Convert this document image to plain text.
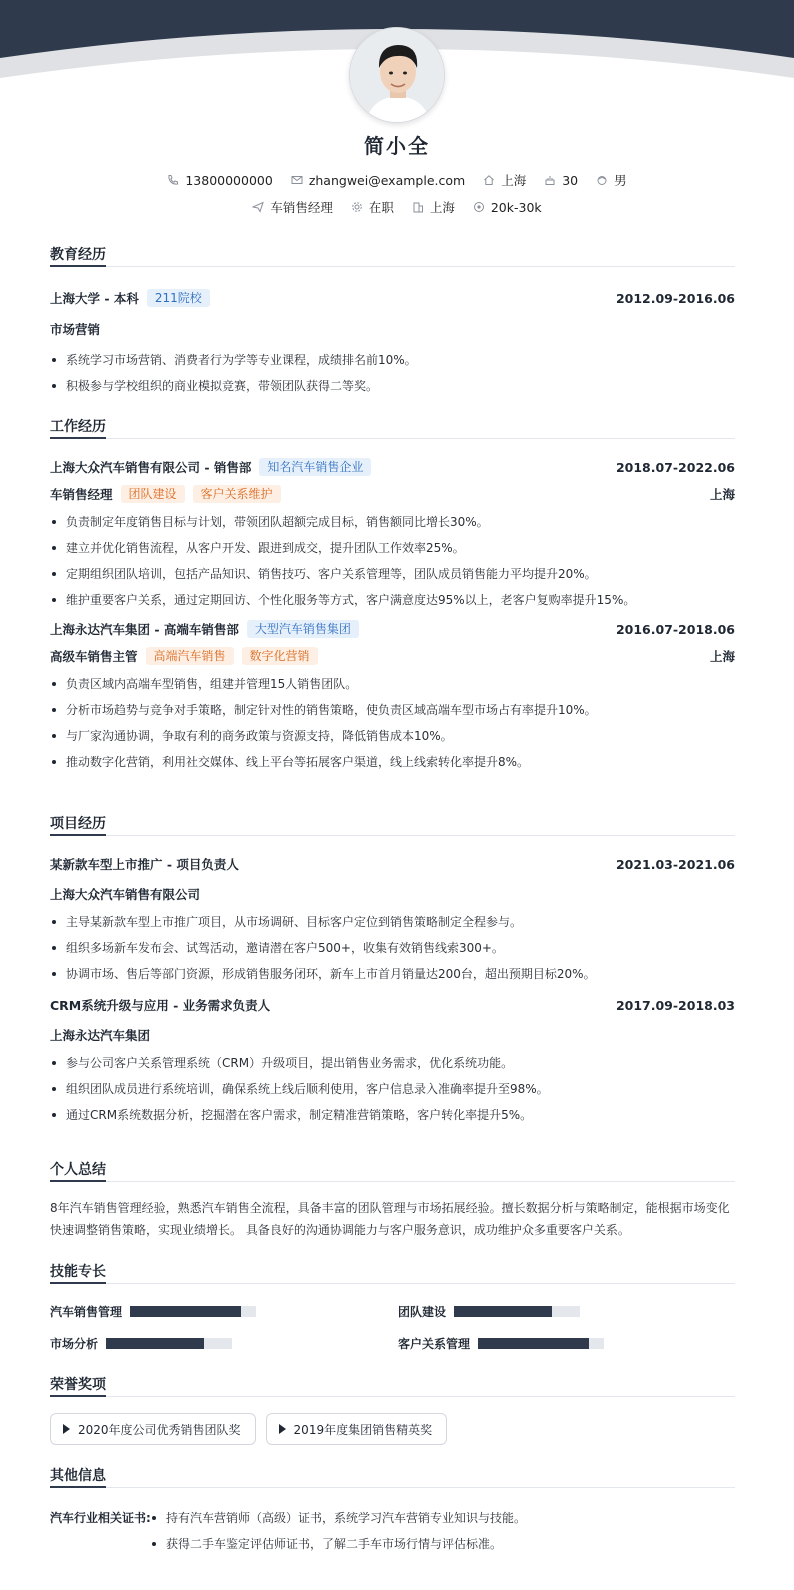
简小全
13800000000	zhangwei@example.com	上海	30	男
车销售经理	在职	上海	20k-30k
教育经历
上海大学 - 本科	211院校	2012.09-2016.06
市场营销
系统学习市场营销、消费者行为学等专业课程，成绩排名前10%。
积极参与学校组织的商业模拟竞赛，带领团队获得二等奖。
工作经历
上海大众汽车销售有限公司 - 销售部	知名汽车销售企业	2018.07-2022.06
车销售经理	团队建设	客户关系维护	上海
负责制定年度销售目标与计划，带领团队超额完成目标，销售额同比增长30%。
建立并优化销售流程，从客户开发、跟进到成交，提升团队工作效率25%。
定期组织团队培训，包括产品知识、销售技巧、客户关系管理等，团队成员销售能力平均提升20%。
维护重要客户关系，通过定期回访、个性化服务等方式，客户满意度达95%以上，老客户复购率提升15%。
上海永达汽车集团 - 高端车销售部	大型汽车销售集团	2016.07-2018.06
高级车销售主管	高端汽车销售	数字化营销	上海
负责区域内高端车型销售，组建并管理15人销售团队。
分析市场趋势与竞争对手策略，制定针对性的销售策略，使负责区域高端车型市场占有率提升10%。
与厂家沟通协调，争取有利的商务政策与资源支持，降低销售成本10%。
推动数字化营销，利用社交媒体、线上平台等拓展客户渠道，线上线索转化率提升8%。
项目经历
某新款车型上市推广 - 项目负责人	2021.03-2021.06
上海大众汽车销售有限公司
主导某新款车型上市推广项目，从市场调研、目标客户定位到销售策略制定全程参与。
组织多场新车发布会、试驾活动，邀请潜在客户500+，收集有效销售线索300+。
协调市场、售后等部门资源，形成销售服务闭环，新车上市首月销量达200台，超出预期目标20%。
CRM系统升级与应用 - 业务需求负责人	2017.09-2018.03
上海永达汽车集团
参与公司客户关系管理系统（CRM）升级项目，提出销售业务需求，优化系统功能。
组织团队成员进行系统培训，确保系统上线后顺利使用，客户信息录入准确率提升至98%。
通过CRM系统数据分析，挖掘潜在客户需求，制定精准营销策略，客户转化率提升5%。
个人总结
8年汽车销售管理经验，熟悉汽车销售全流程，具备丰富的团队管理与市场拓展经验。擅长数据分析与策略制定，能根据市场变化
快速调整销售策略，实现业绩增长。 具备良好的沟通协调能力与客户服务意识，成功维护众多重要客户关系。
技能专长
汽车销售管理	团队建设
市场分析	客户关系管理
荣誉奖项
2020年度公司优秀销售团队奖	2019年度集团销售精英奖
其他信息
汽车行业相关证书:	持有汽车营销师（高级）证书，系统学习汽车营销专业知识与技能。
获得二手车鉴定评估师证书，了解二手车市场行情与评估标准。
